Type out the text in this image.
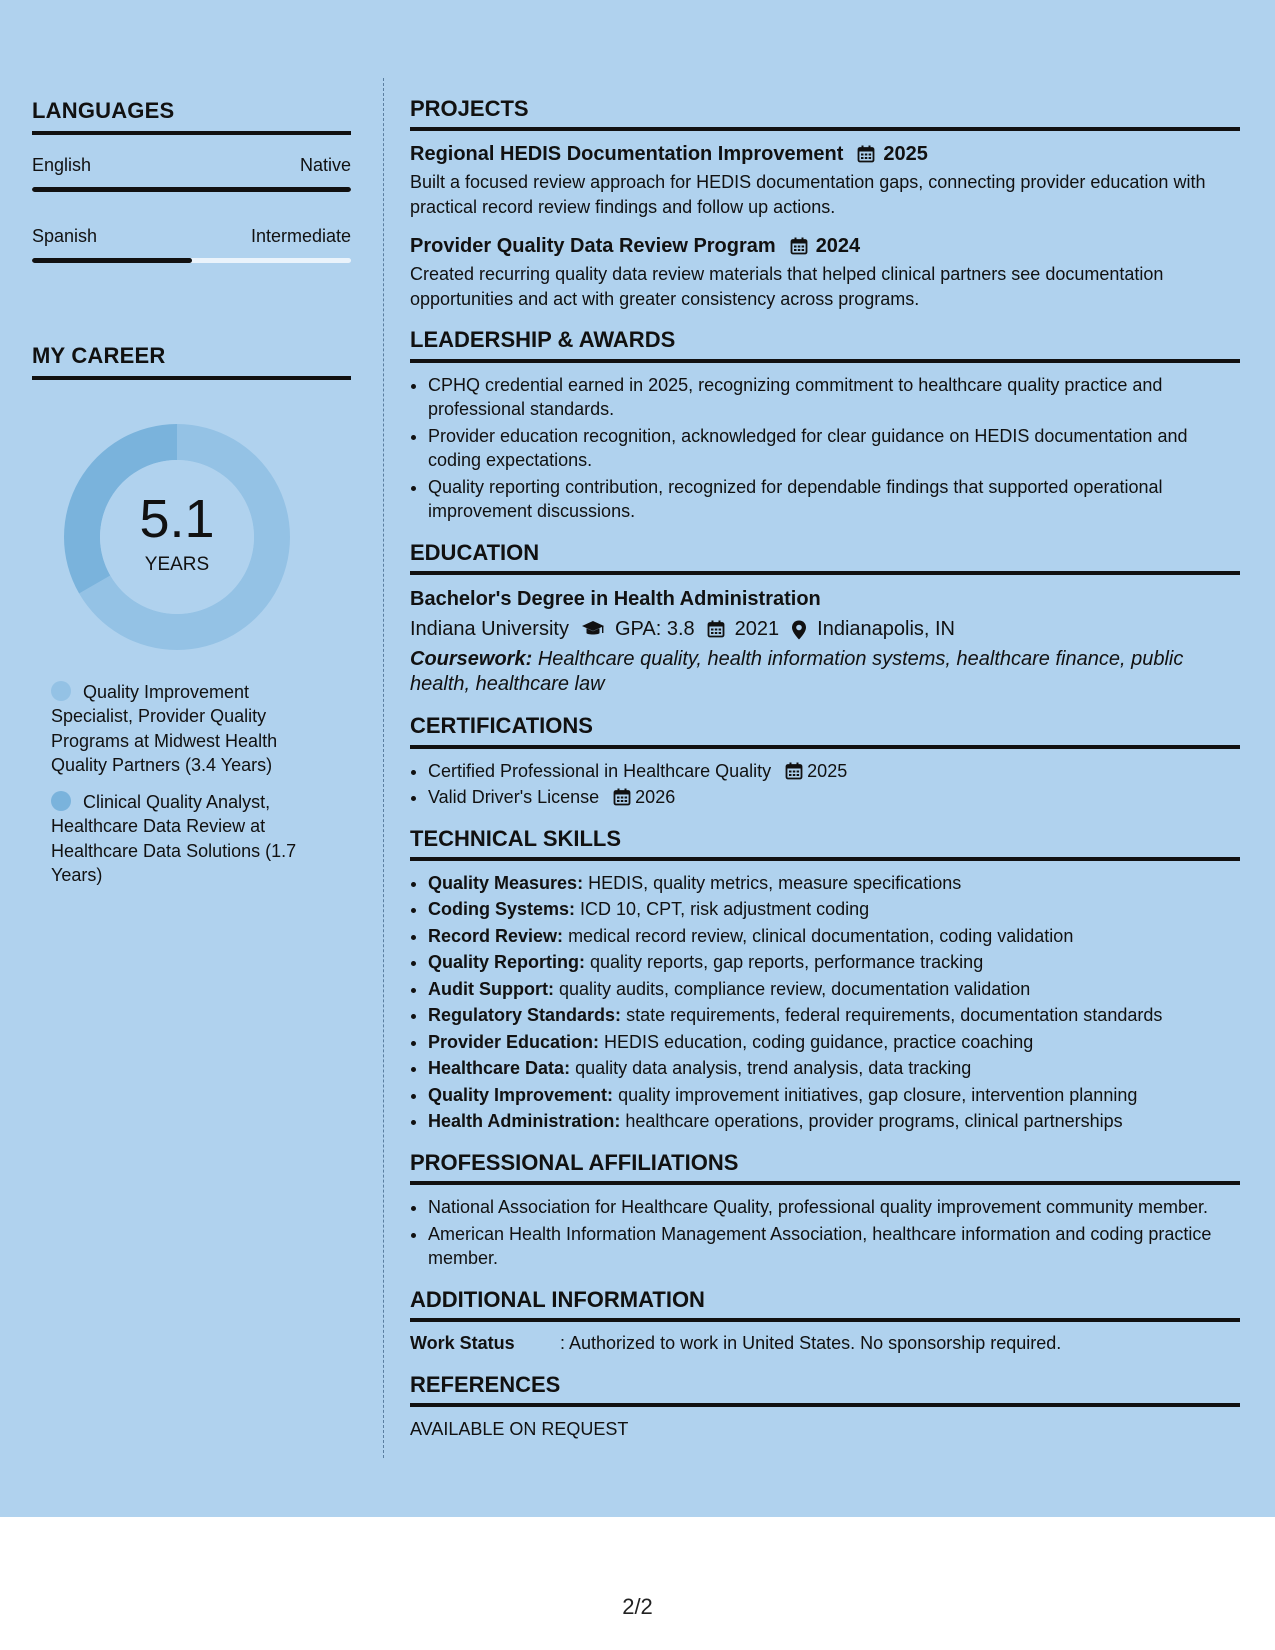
LANGUAGES
English	Native
Spanish	Intermediate
MY CAREER
5.1
YEARS
Quality Improvement Specialist, Provider Quality Programs at Midwest Health Quality Partners (3.4 Years)
Clinical Quality Analyst, Healthcare Data Review at Healthcare Data Solutions (1.7 Years)
PROJECTS
Regional HEDIS Documentation Improvement 2025
Built a focused review approach for HEDIS documentation gaps, connecting provider education with practical record review findings and follow up actions.
Provider Quality Data Review Program 2024
Created recurring quality data review materials that helped clinical partners see documentation opportunities and act with greater consistency across programs.
LEADERSHIP & AWARDS
• CPHQ credential earned in 2025, recognizing commitment to healthcare quality practice and professional standards.
• Provider education recognition, acknowledged for clear guidance on HEDIS documentation and coding expectations.
• Quality reporting contribution, recognized for dependable findings that supported operational improvement discussions.
EDUCATION
Bachelor's Degree in Health Administration
Indiana University GPA: 3.8 2021 Indianapolis, IN
Coursework: Healthcare quality, health information systems, healthcare finance, public health, healthcare law
CERTIFICATIONS
• Certified Professional in Healthcare Quality 2025
• Valid Driver's License 2026
TECHNICAL SKILLS
• Quality Measures: HEDIS, quality metrics, measure specifications
• Coding Systems: ICD 10, CPT, risk adjustment coding
• Record Review: medical record review, clinical documentation, coding validation
• Quality Reporting: quality reports, gap reports, performance tracking
• Audit Support: quality audits, compliance review, documentation validation
• Regulatory Standards: state requirements, federal requirements, documentation standards
• Provider Education: HEDIS education, coding guidance, practice coaching
• Healthcare Data: quality data analysis, trend analysis, data tracking
• Quality Improvement: quality improvement initiatives, gap closure, intervention planning
• Health Administration: healthcare operations, provider programs, clinical partnerships
PROFESSIONAL AFFILIATIONS
• National Association for Healthcare Quality, professional quality improvement community member.
• American Health Information Management Association, healthcare information and coding practice member.
ADDITIONAL INFORMATION
Work Status	: Authorized to work in United States. No sponsorship required.
REFERENCES
AVAILABLE ON REQUEST
2/2
